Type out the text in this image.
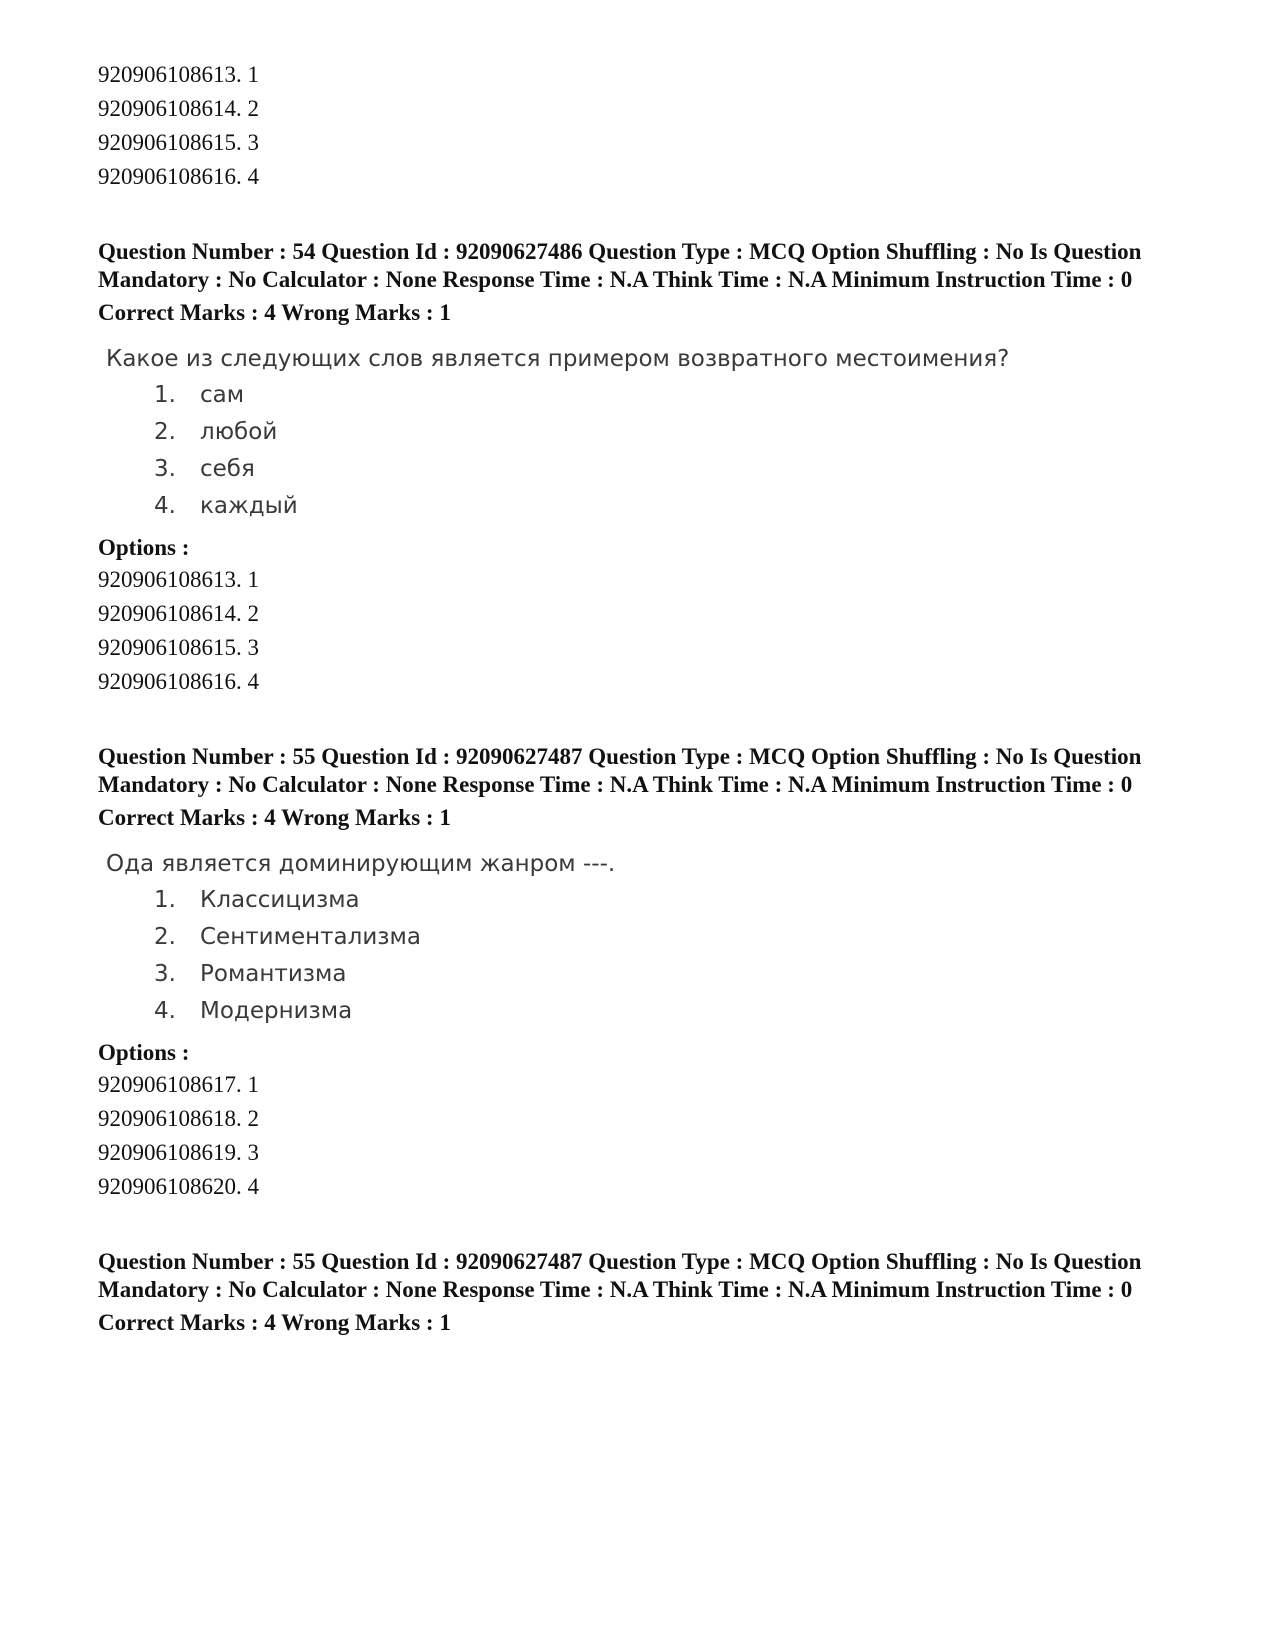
920906108613. 1
920906108614. 2
920906108615. 3
920906108616. 4
Question Number : 54 Question Id : 92090627486 Question Type : MCQ Option Shuffling : No Is Question Mandatory : No Calculator : None Response Time : N.A Think Time : N.A Minimum Instruction Time : 0
Correct Marks : 4 Wrong Marks : 1
Какое из следующих слов является примером возвратного местоимения?
1. сам
2. любой
3. себя
4. каждый
Options :
920906108613. 1
920906108614. 2
920906108615. 3
920906108616. 4
Question Number : 55 Question Id : 92090627487 Question Type : MCQ Option Shuffling : No Is Question Mandatory : No Calculator : None Response Time : N.A Think Time : N.A Minimum Instruction Time : 0
Correct Marks : 4 Wrong Marks : 1
Ода является доминирующим жанром ---.
1. Классицизма
2. Сентиментализма
3. Романтизма
4. Модернизма
Options :
920906108617. 1
920906108618. 2
920906108619. 3
920906108620. 4
Question Number : 55 Question Id : 92090627487 Question Type : MCQ Option Shuffling : No Is Question Mandatory : No Calculator : None Response Time : N.A Think Time : N.A Minimum Instruction Time : 0
Correct Marks : 4 Wrong Marks : 1
